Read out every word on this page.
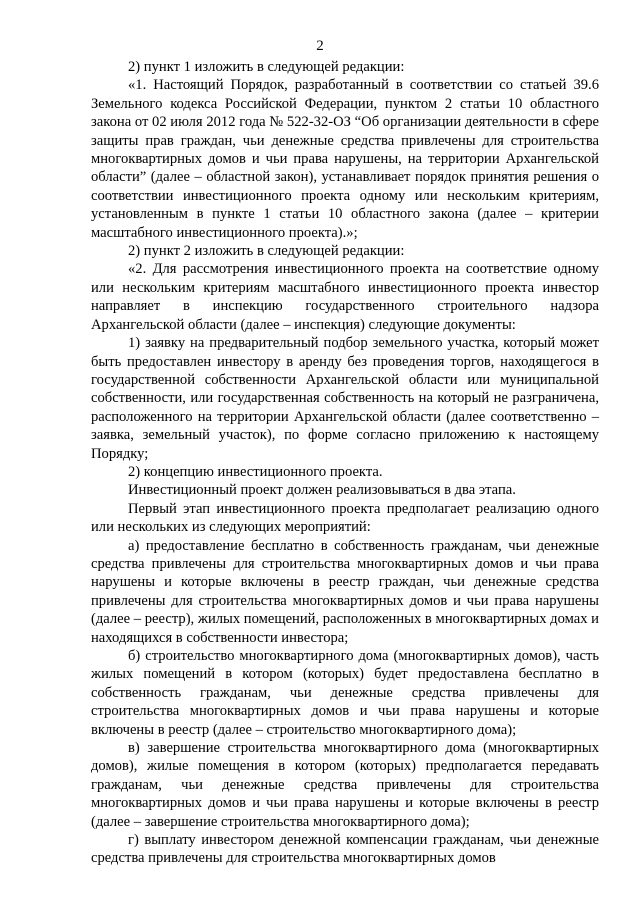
2

2) пункт 1 изложить в следующей редакции:

«1. Настоящий Порядок, разработанный в соответствии со статьей 39.6 Земельного кодекса Российской Федерации, пунктом 2 статьи 10 областного закона от 02 июля 2012 года № 522-32-ОЗ “Об организации деятельности в сфере защиты прав граждан, чьи денежные средства привлечены для строительства многоквартирных домов и чьи права нарушены, на территории Архангельской области” (далее – областной закон), устанавливает порядок принятия решения о соответствии инвестиционного проекта одному или нескольким критериям, установленным в пункте 1 статьи 10 областного закона (далее – критерии масштабного инвестиционного проекта).»;

2) пункт 2 изложить в следующей редакции:

«2. Для рассмотрения инвестиционного проекта на соответствие одному или нескольким критериям масштабного инвестиционного проекта инвестор направляет в инспекцию государственного строительного надзора Архангельской области (далее – инспекция) следующие документы:

1) заявку на предварительный подбор земельного участка, который может быть предоставлен инвестору в аренду без проведения торгов, находящегося в государственной собственности Архангельской области или муниципальной собственности, или государственная собственность на который не разграничена, расположенного на территории Архангельской области (далее соответственно – заявка, земельный участок), по форме согласно приложению к настоящему Порядку;

2) концепцию инвестиционного проекта.

Инвестиционный проект должен реализовываться в два этапа.

Первый этап инвестиционного проекта предполагает реализацию одного или нескольких из следующих мероприятий:

а) предоставление бесплатно в собственность гражданам, чьи денежные средства привлечены для строительства многоквартирных домов и чьи права нарушены и которые включены в реестр граждан, чьи денежные средства привлечены для строительства многоквартирных домов и чьи права нарушены (далее – реестр), жилых помещений, расположенных в многоквартирных домах и находящихся в собственности инвестора;

б) строительство многоквартирного дома (многоквартирных домов), часть жилых помещений в котором (которых) будет предоставлена бесплатно в собственность гражданам, чьи денежные средства привлечены для строительства многоквартирных домов и чьи права нарушены и которые включены в реестр (далее – строительство многоквартирного дома);

в) завершение строительства многоквартирного дома (многоквартирных домов), жилые помещения в котором (которых) предполагается передавать гражданам, чьи денежные средства привлечены для строительства многоквартирных домов и чьи права нарушены и которые включены в реестр (далее – завершение строительства многоквартирного дома);

г) выплату инвестором денежной компенсации гражданам, чьи денежные средства привлечены для строительства многоквартирных домов
